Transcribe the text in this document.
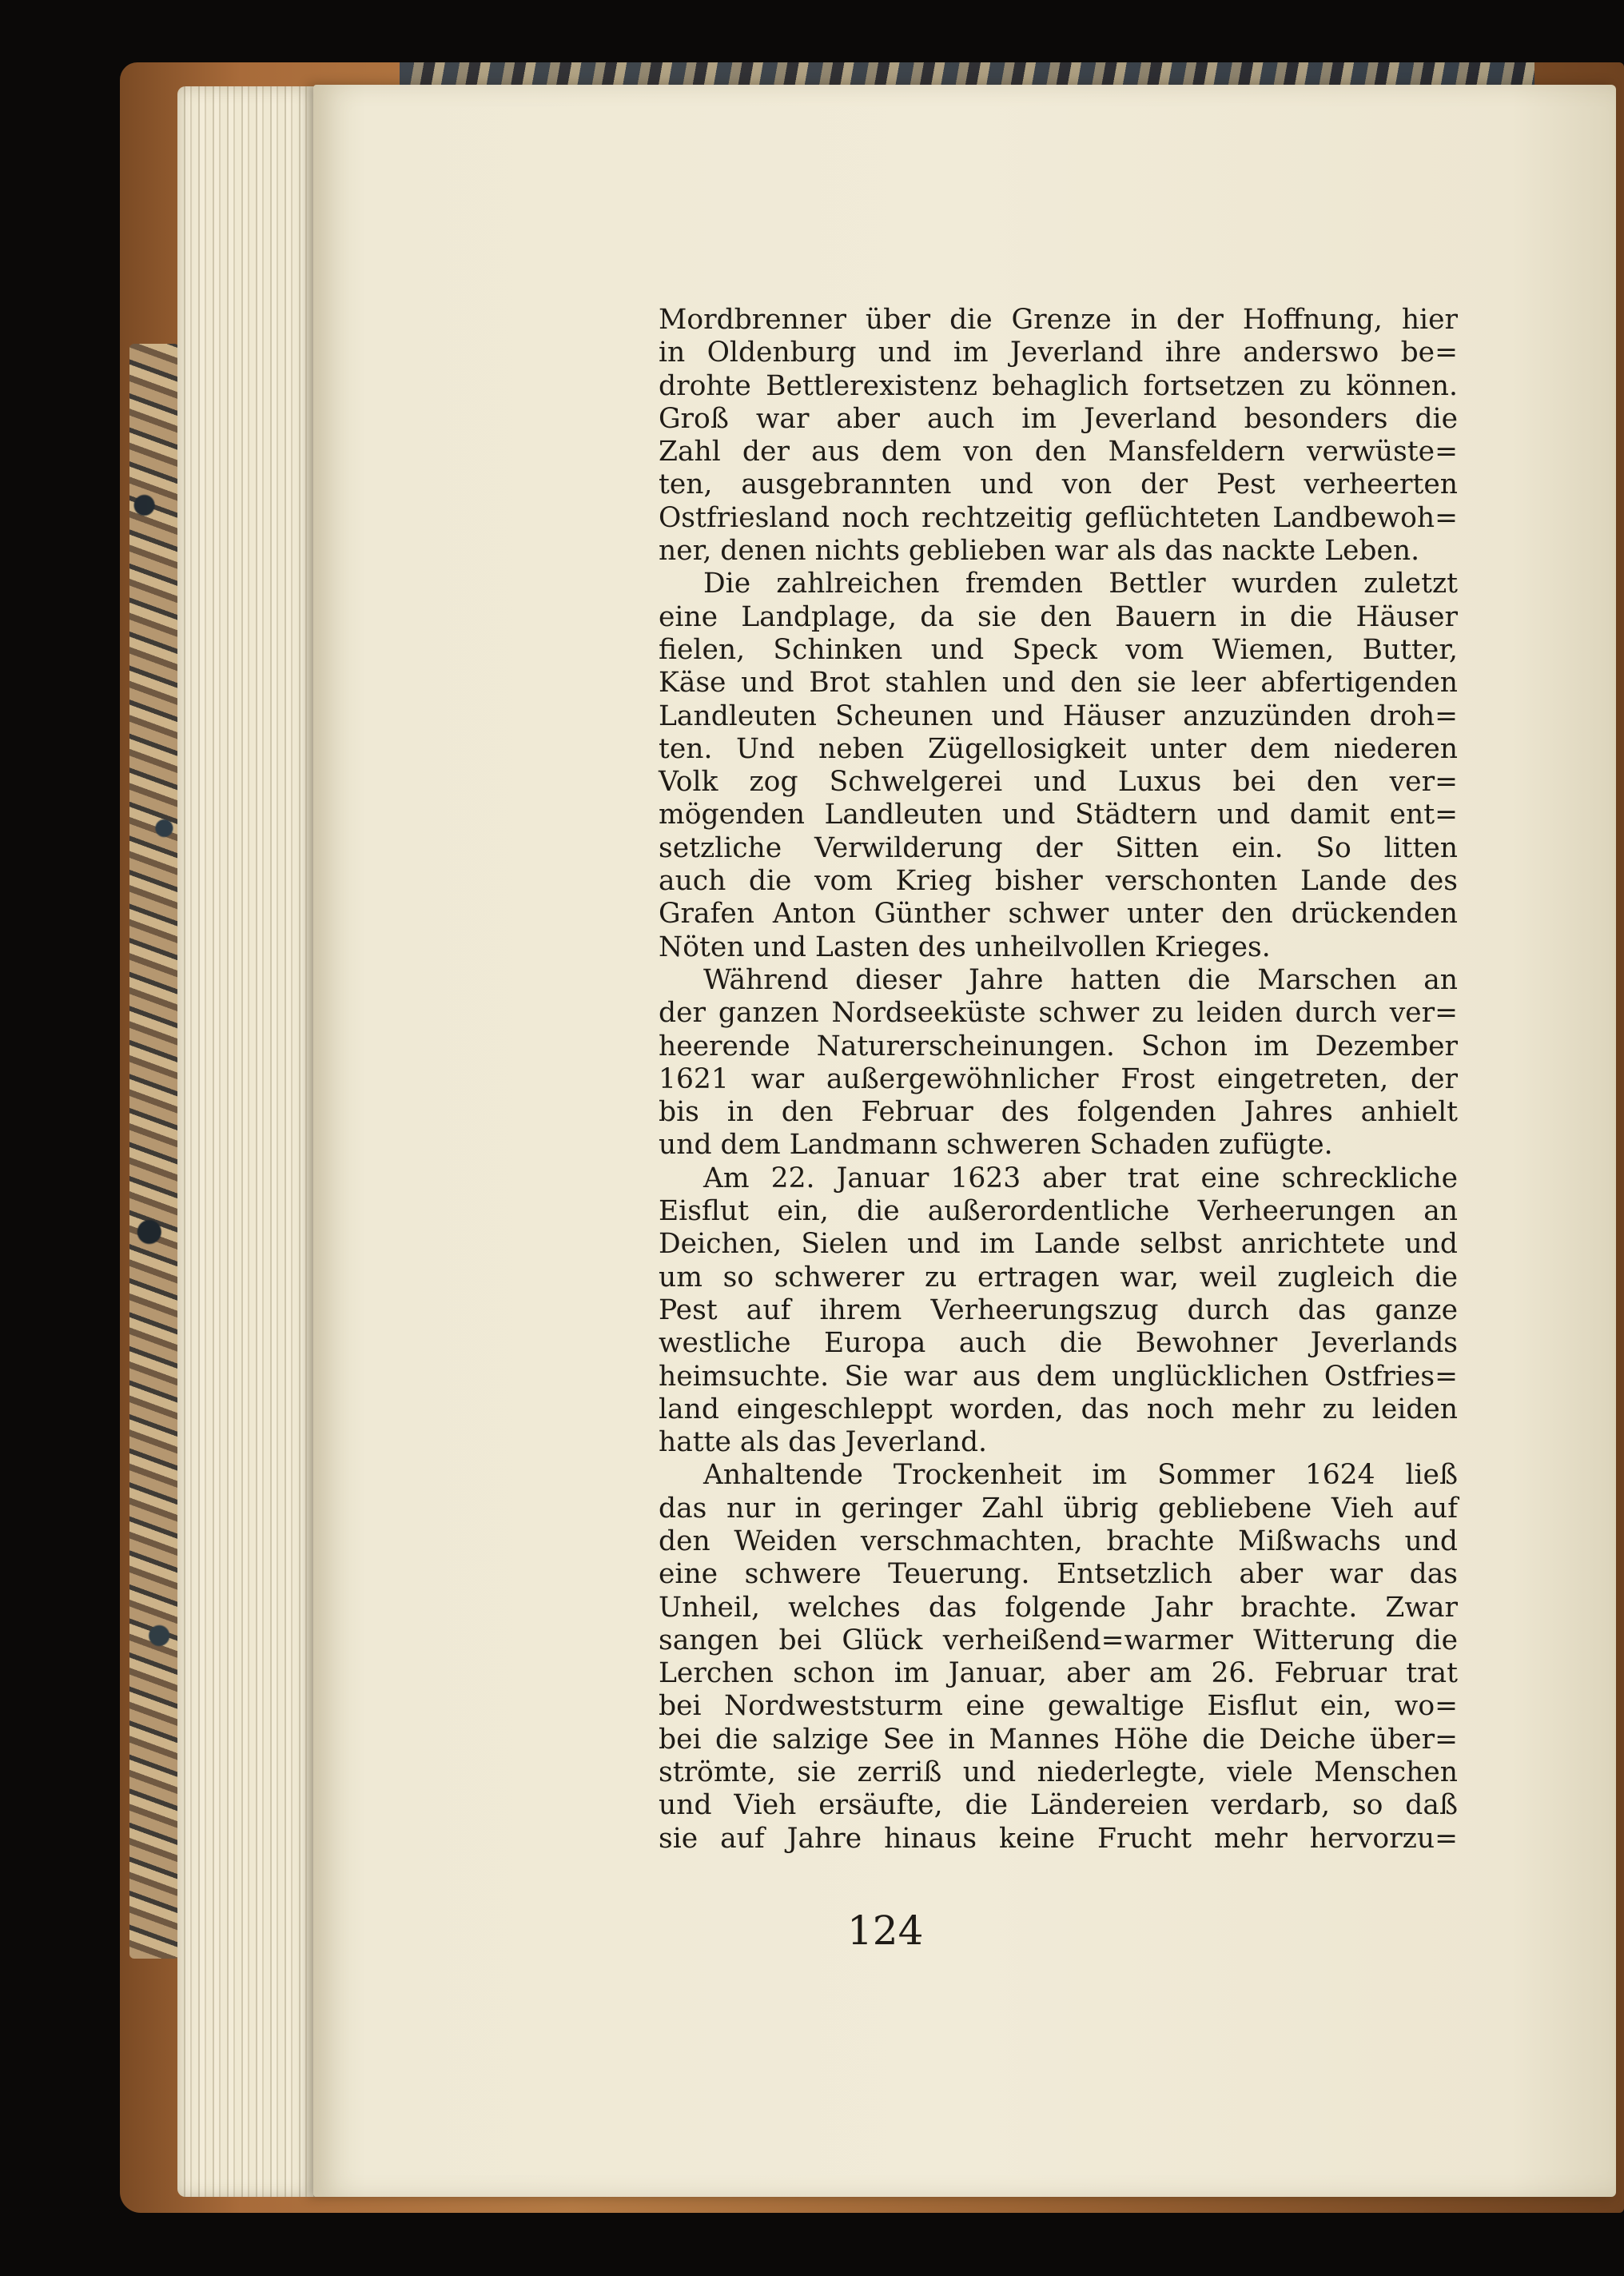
Mordbrenner über die Grenze in der Hoffnung, hier
in Oldenburg und im Jeverland ihre anderswo be=
drohte Bettlerexistenz behaglich fortsetzen zu können.
Groß war aber auch im Jeverland besonders die
Zahl der aus dem von den Mansfeldern verwüste=
ten, ausgebrannten und von der Pest verheerten
Ostfriesland noch rechtzeitig geflüchteten Landbewoh=
ner, denen nichts geblieben war als das nackte Leben.
Die zahlreichen fremden Bettler wurden zuletzt
eine Landplage, da sie den Bauern in die Häuser
fielen, Schinken und Speck vom Wiemen, Butter,
Käse und Brot stahlen und den sie leer abfertigenden
Landleuten Scheunen und Häuser anzuzünden droh=
ten. Und neben Zügellosigkeit unter dem niederen
Volk zog Schwelgerei und Luxus bei den ver=
mögenden Landleuten und Städtern und damit ent=
setzliche Verwilderung der Sitten ein. So litten
auch die vom Krieg bisher verschonten Lande des
Grafen Anton Günther schwer unter den drückenden
Nöten und Lasten des unheilvollen Krieges.
Während dieser Jahre hatten die Marschen an
der ganzen Nordseeküste schwer zu leiden durch ver=
heerende Naturerscheinungen. Schon im Dezember
1621 war außergewöhnlicher Frost eingetreten, der
bis in den Februar des folgenden Jahres anhielt
und dem Landmann schweren Schaden zufügte.
Am 22. Januar 1623 aber trat eine schreckliche
Eisflut ein, die außerordentliche Verheerungen an
Deichen, Sielen und im Lande selbst anrichtete und
um so schwerer zu ertragen war, weil zugleich die
Pest auf ihrem Verheerungszug durch das ganze
westliche Europa auch die Bewohner Jeverlands
heimsuchte. Sie war aus dem unglücklichen Ostfries=
land eingeschleppt worden, das noch mehr zu leiden
hatte als das Jeverland.
Anhaltende Trockenheit im Sommer 1624 ließ
das nur in geringer Zahl übrig gebliebene Vieh auf
den Weiden verschmachten, brachte Mißwachs und
eine schwere Teuerung. Entsetzlich aber war das
Unheil, welches das folgende Jahr brachte. Zwar
sangen bei Glück verheißend=warmer Witterung die
Lerchen schon im Januar, aber am 26. Februar trat
bei Nordweststurm eine gewaltige Eisflut ein, wo=
bei die salzige See in Mannes Höhe die Deiche über=
strömte, sie zerriß und niederlegte, viele Menschen
und Vieh ersäufte, die Ländereien verdarb, so daß
sie auf Jahre hinaus keine Frucht mehr hervorzu=
124
